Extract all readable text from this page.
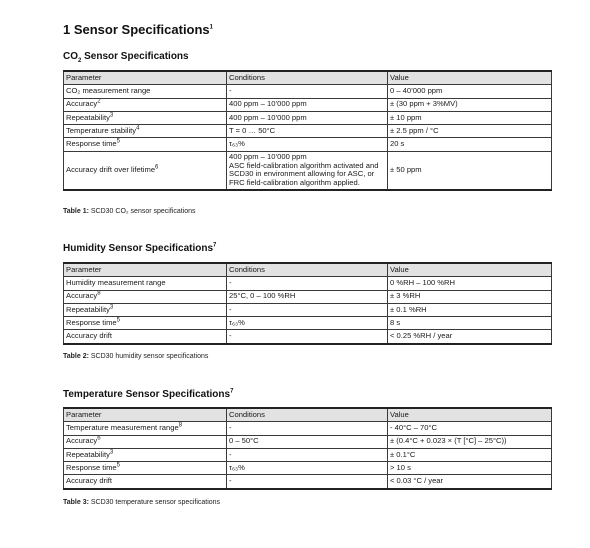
1 Sensor Specifications$^1$
$CO_2$ Sensor Specifications
Parameter	Conditions	Value
CO₂ measurement range	-	0 – 40’000 ppm
Accuracy$^2$	400 ppm – 10’000 ppm	± (30 ppm + 3%MV)
Repeatability$^3$	400 ppm – 10’000 ppm	± 10 ppm
Temperature stability$^4$	T = 0 … 50°C	± 2.5 ppm / °C
Response time$^5$	τ₆₃%	20 s
Accuracy drift over lifetime$^6$	400 ppm – 10’000 ppm
ASC field-calibration algorithm activated and
SCD30 in environment allowing for ASC, or
FRC field-calibration algorithm applied.	± 50 ppm
Table 1: SCD30 CO₂ sensor specifications
Humidity Sensor Specifications$^7$
Parameter	Conditions	Value
Humidity measurement range	-	0 %RH – 100 %RH
Accuracy$^8$	25°C, 0 – 100 %RH	± 3 %RH
Repeatability$^3$	-	± 0.1 %RH
Response time$^5$	τ₆₃%	8 s
Accuracy drift	-	< 0.25 %RH / year
Table 2: SCD30 humidity sensor specifications
Temperature Sensor Specifications$^7$
Parameter	Conditions	Value
Temperature measurement range$^8$	-	- 40°C – 70°C
Accuracy$^6$	0 – 50°C	± (0.4°C + 0.023 × (T [°C] – 25°C))
Repeatability$^3$	-	± 0.1°C
Response time$^5$	τ₆₃%	> 10 s
Accuracy drift	-	< 0.03 °C / year
Table 3: SCD30 temperature sensor specifications
